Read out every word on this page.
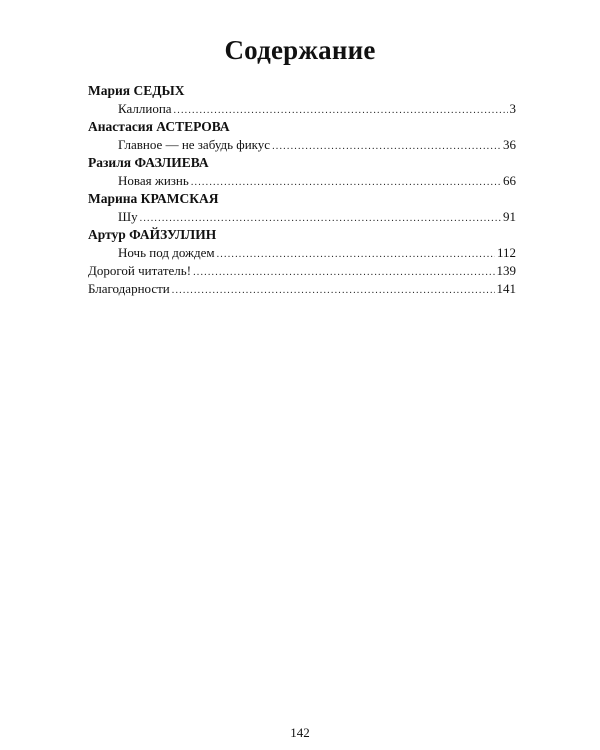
Содержание
Мария СЕДЫХ
Каллиопа .....	3
Анастасия АСТЕРОВА
Главное — не забудь фикус .....	36
Разиля ФАЗЛИЕВА
Новая жизнь .....	66
Марина КРАМСКАЯ
Шу .....	91
Артур ФАЙЗУЛЛИН
Ночь под дождем .....	112
Дорогой читатель! .....	139
Благодарности .....	141
142
